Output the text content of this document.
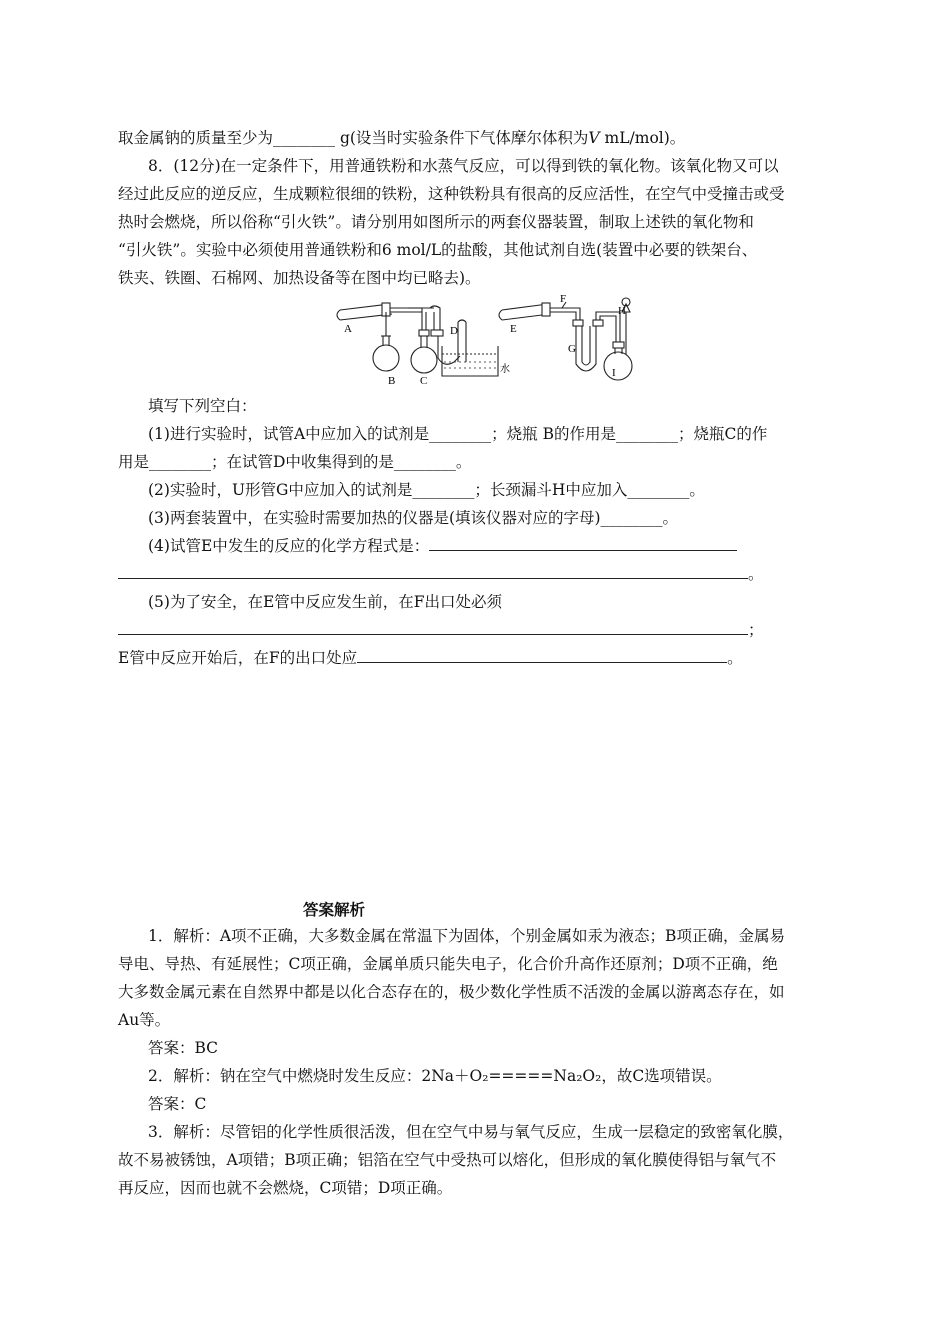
取金属钠的质量至少为________ g(设当时实验条件下气体摩尔体积为V mL/mol)。
8．(12分)在一定条件下，用普通铁粉和水蒸气反应，可以得到铁的氧化物。该氧化物又可以
经过此反应的逆反应，生成颗粒很细的铁粉，这种铁粉具有很高的反应活性，在空气中受撞击或受
热时会燃烧，所以俗称“引火铁”。请分别用如图所示的两套仪器装置，制取上述铁的氧化物和
“引火铁”。实验中必须使用普通铁粉和6 mol/L的盐酸，其他试剂自选(装置中必要的铁架台、
铁夹、铁圈、石棉网、加热设备等在图中均已略去)。
A
B C
D
水
E
F
G
H
I
填写下列空白：
(1)进行实验时，试管A中应加入的试剂是________；烧瓶 B的作用是________；烧瓶C的作
用是________；在试管D中收集得到的是________。
(2)实验时，U形管G中应加入的试剂是________；长颈漏斗H中应加入________。
(3)两套装置中，在实验时需要加热的仪器是(填该仪器对应的字母)________。
(4)试管E中发生的反应的化学方程式是：
。
(5)为了安全，在E管中反应发生前，在F出口处必须
；
E管中反应开始后，在F的出口处应	。
答案解析
1．解析：A项不正确，大多数金属在常温下为固体，个别金属如汞为液态；B项正确，金属易
导电、导热、有延展性；C项正确，金属单质只能失电子，化合价升高作还原剂；D项不正确，绝
大多数金属元素在自然界中都是以化合态存在的，极少数化学性质不活泼的金属以游离态存在，如
Au等。
答案：BC
2．解析：钠在空气中燃烧时发生反应：2Na＋O₂=====Na₂O₂，故C选项错误。
答案：C
3．解析：尽管铝的化学性质很活泼，但在空气中易与氧气反应，生成一层稳定的致密氧化膜，
故不易被锈蚀，A项错；B项正确；铝箔在空气中受热可以熔化，但形成的氧化膜使得铝与氧气不
再反应，因而也就不会燃烧，C项错；D项正确。
